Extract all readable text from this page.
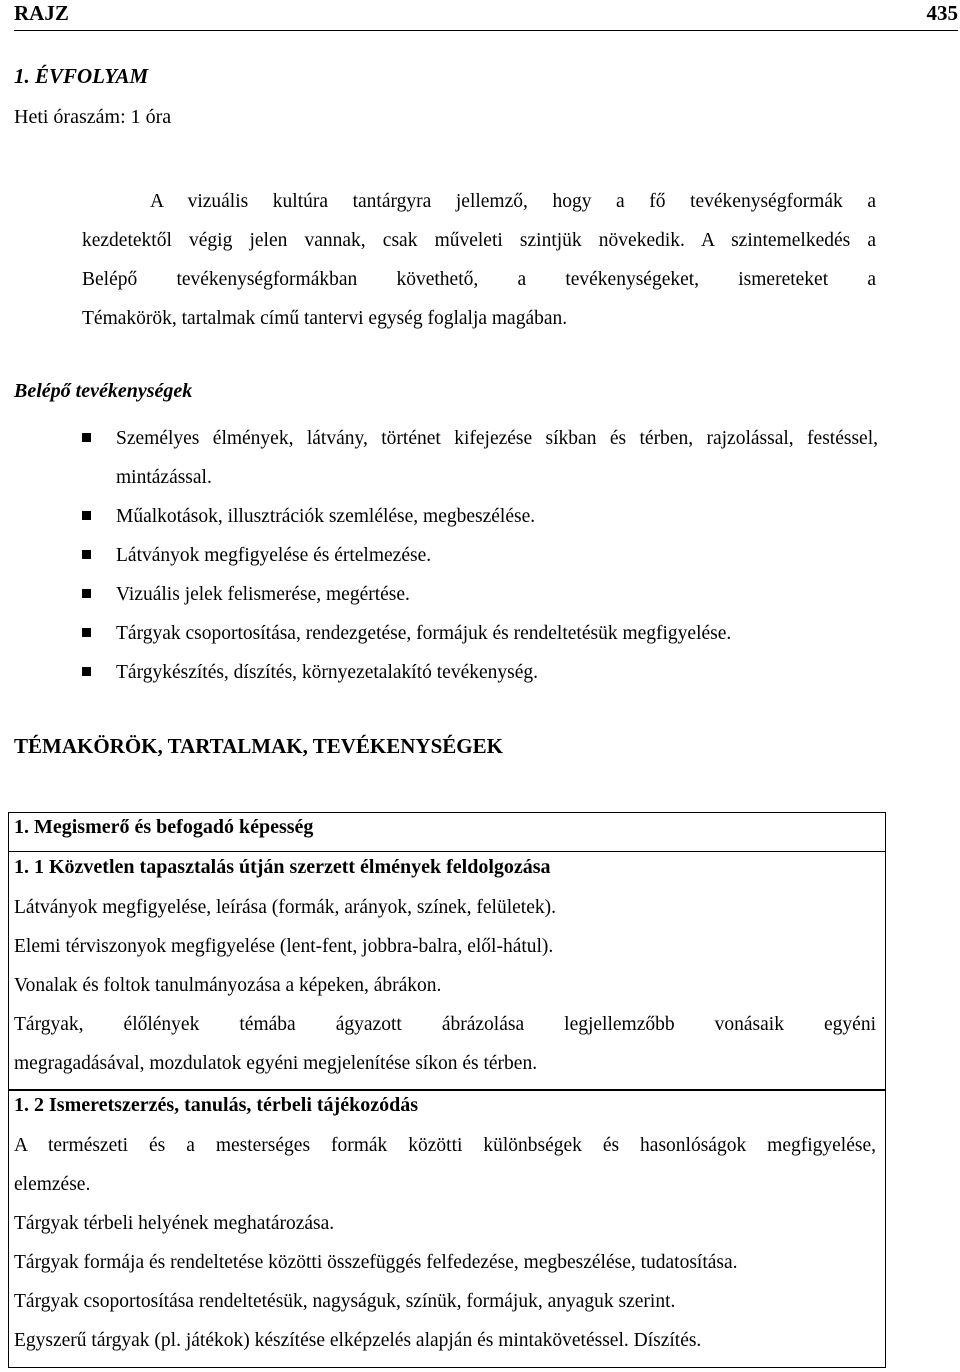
RAJZ	435
1. ÉVFOLYAM
Heti óraszám: 1 óra
A vizuális kultúra tantárgyra jellemző, hogy a fő tevékenységformák a
kezdetektől végig jelen vannak, csak műveleti szintjük növekedik. A szintemelkedés a
Belépő tevékenységformákban követhető, a tevékenységeket, ismereteket a
Témakörök, tartalmak című tantervi egység foglalja magában.
Belépő tevékenységek
Személyes élmények, látvány, történet kifejezése síkban és térben, rajzolással, festéssel, mintázással.
Műalkotások, illusztrációk szemlélése, megbeszélése.
Látványok megfigyelése és értelmezése.
Vizuális jelek felismerése, megértése.
Tárgyak csoportosítása, rendezgetése, formájuk és rendeltetésük megfigyelése.
Tárgykészítés, díszítés, környezetalakító tevékenység.
TÉMAKÖRÖK, TARTALMAK, TEVÉKENYSÉGEK
1. Megismerő és befogadó képesség
1. 1 Közvetlen tapasztalás útján szerzett élmények feldolgozása
Látványok megfigyelése, leírása (formák, arányok, színek, felületek).
Elemi térviszonyok megfigyelése (lent-fent, jobbra-balra, elől-hátul).
Vonalak és foltok tanulmányozása a képeken, ábrákon.
Tárgyak, élőlények témába ágyazott ábrázolása legjellemzőbb vonásaik egyéni
megragadásával, mozdulatok egyéni megjelenítése síkon és térben.
1. 2 Ismeretszerzés, tanulás, térbeli tájékozódás
A természeti és a mesterséges formák közötti különbségek és hasonlóságok megfigyelése,
elemzése.
Tárgyak térbeli helyének meghatározása.
Tárgyak formája és rendeltetése közötti összefüggés felfedezése, megbeszélése, tudatosítása.
Tárgyak csoportosítása rendeltetésük, nagyságuk, színük, formájuk, anyaguk szerint.
Egyszerű tárgyak (pl. játékok) készítése elképzelés alapján és mintakövetéssel. Díszítés.
